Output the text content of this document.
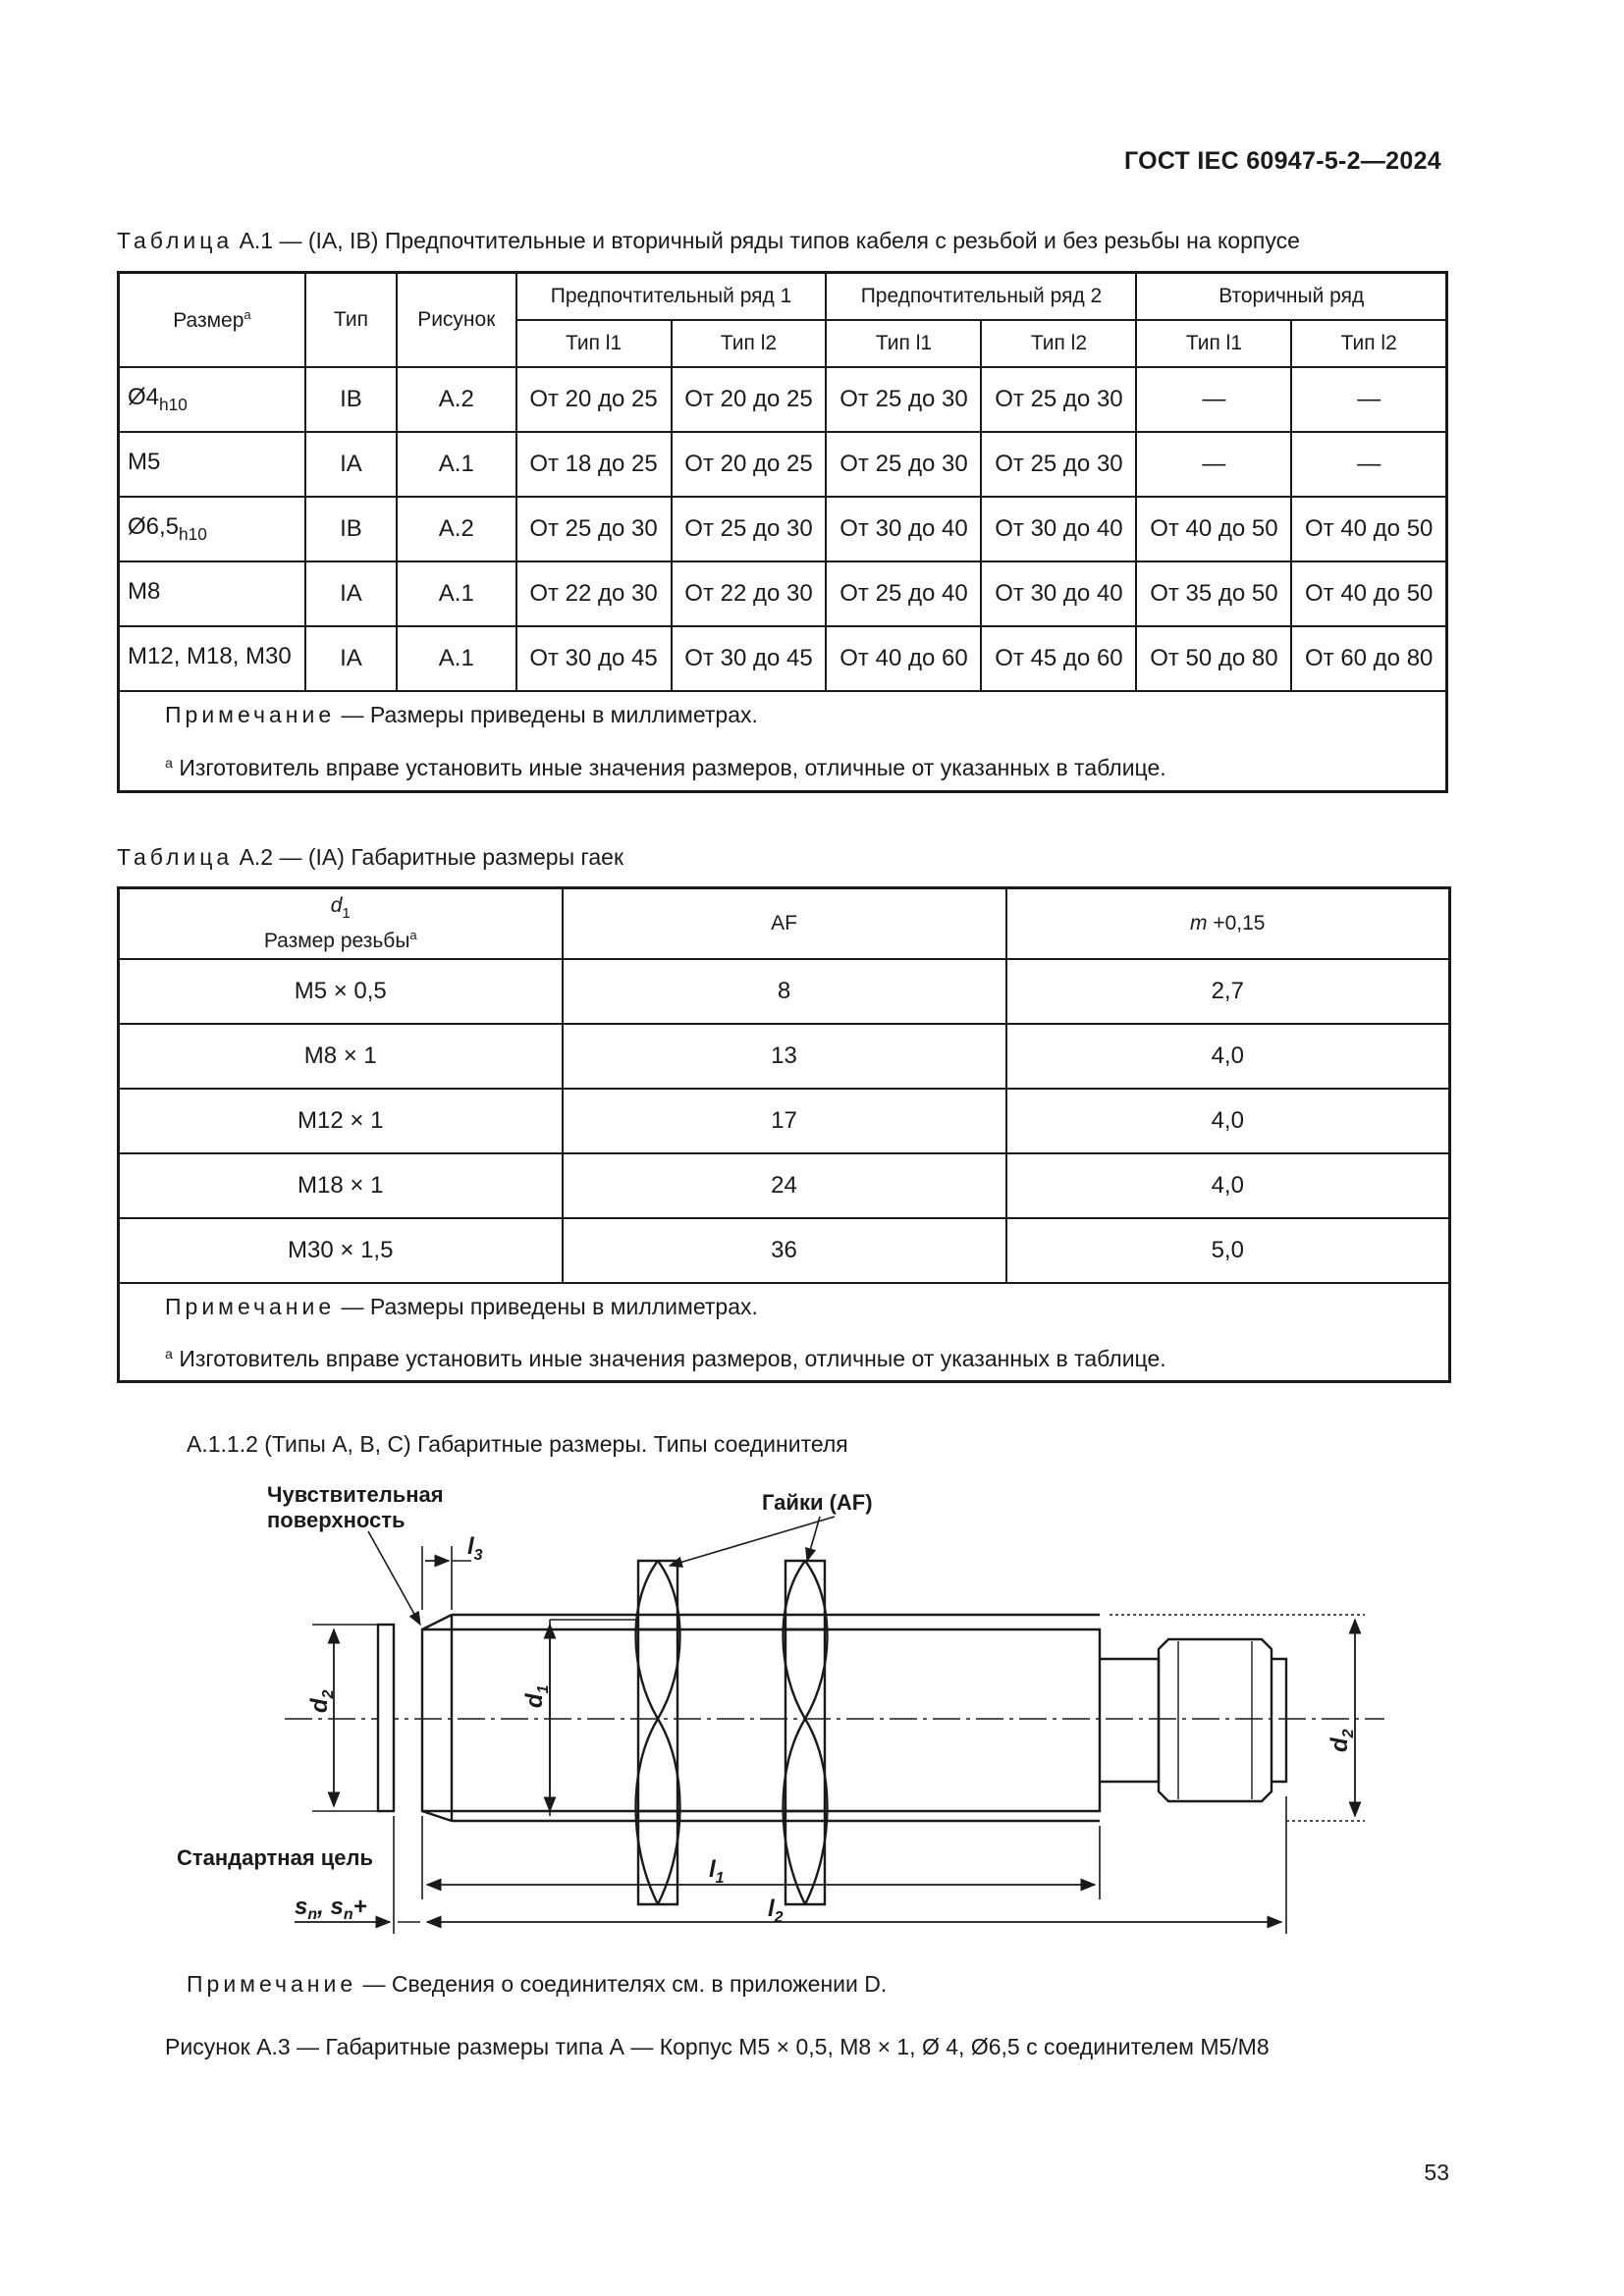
ГОСТ IEC 60947-5-2—2024
Таблица А.1 — (IA, IB) Предпочтительные и вторичный ряды типов кабеля с резьбой и без резьбы на корпусе
Размер$^a$	Тип	Рисунок	Предпочтительный ряд 1		Предпочтительный ряд 2		Вторичный ряд	
			Тип l1	Тип l2	Тип l1	Тип l2	Тип l1	Тип l2
$Ø4_{h10}$	IB	A.2	От 20 до 25	От 20 до 25	От 25 до 30	От 25 до 30	—	—
M5	IA	A.1	От 18 до 25	От 20 до 25	От 25 до 30	От 25 до 30	—	—
$Ø6,5_{h10}$	IB	A.2	От 25 до 30	От 25 до 30	От 30 до 40	От 30 до 40	От 40 до 50	От 40 до 50
M8	IA	A.1	От 22 до 30	От 22 до 30	От 25 до 40	От 30 до 40	От 35 до 50	От 40 до 50
M12, M18, M30	IA	A.1	От 30 до 45	От 30 до 45	От 40 до 60	От 45 до 60	От 50 до 80	От 60 до 80

Примечание — Размеры приведены в миллиметрах.
$^a$ Изготовитель вправе установить иные значения размеров, отличные от указанных в таблице.								
Таблица А.2 — (IA) Габаритные размеры гаек
$d_1$
Размер резьбы$^a$	AF	m +0,15
M5 × 0,5	8	2,7
M8 × 1	13	4,0
M12 × 1	17	4,0
M18 × 1	24	4,0
M30 × 1,5	36	5,0

Примечание — Размеры приведены в миллиметрах.
$^a$ Изготовитель вправе установить иные значения размеров, отличные от указанных в таблице.		
А.1.1.2 (Типы А, В, С) Габаритные размеры. Типы соединителя
Чувствительная
поверхность
Гайки (AF)
Стандартная цель
$l_3$
$l_1$
$l_2$
$d_1$
$d_2$
$d_2$
$s_n$, $s_n+$
Примечание — Сведения о соединителях см. в приложении D.
Рисунок А.3 — Габаритные размеры типа А — Корпус M5 × 0,5, M8 × 1, Ø 4, Ø6,5 с соединителем M5/M8
53
